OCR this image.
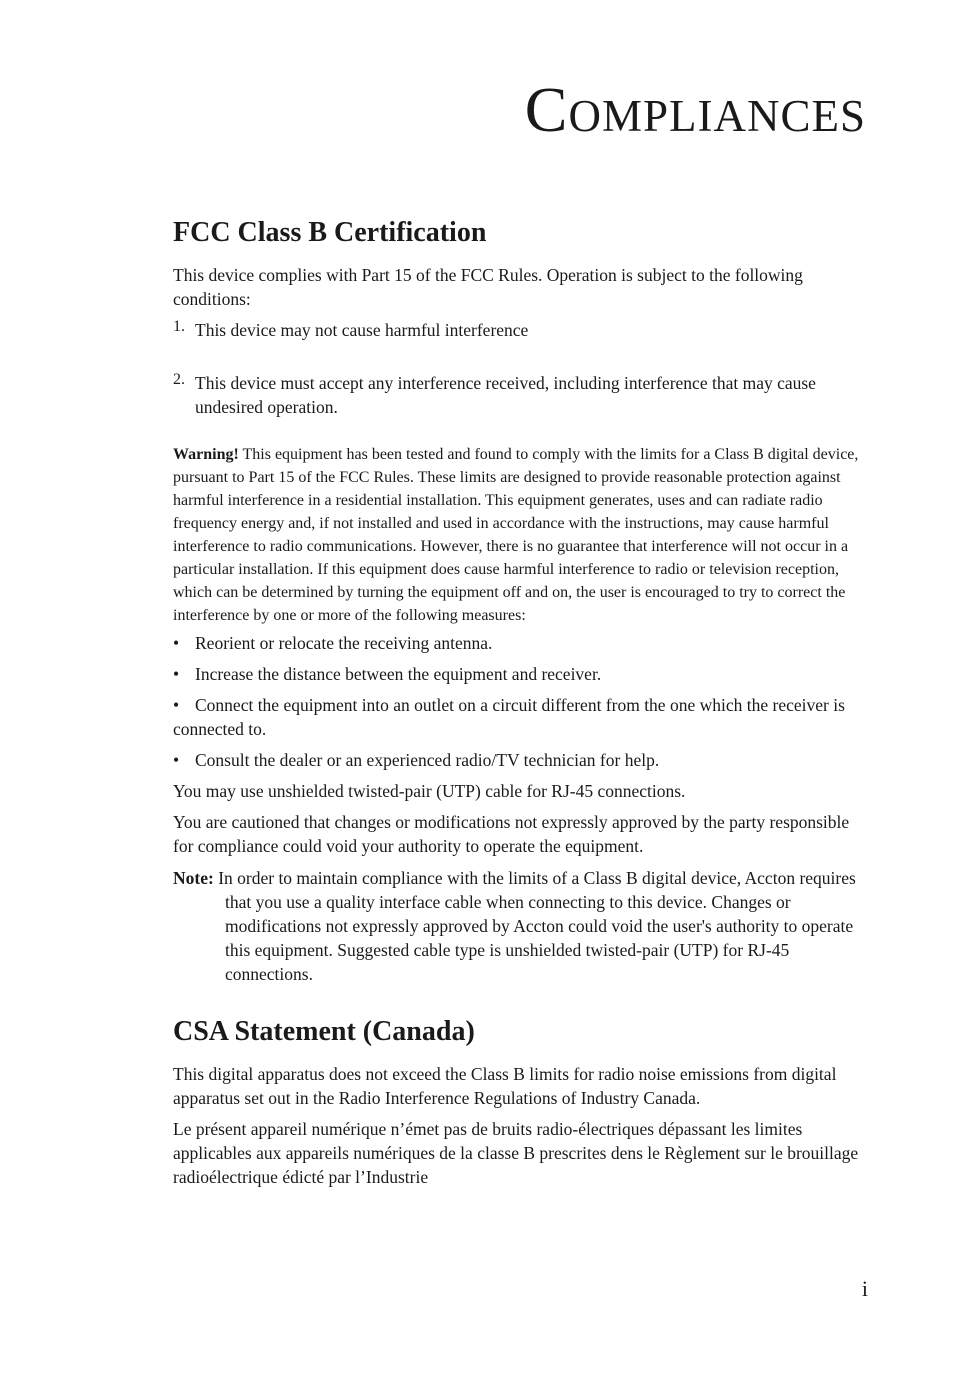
Compliances
FCC Class B Certification

This device complies with Part 15 of the FCC Rules. Operation is subject to the following conditions:

1. This device may not cause harmful interference
2. This device must accept any interference received, including interference that may cause undesired operation.

Warning! This equipment has been tested and found to comply with the limits for a Class B digital device, pursuant to Part 15 of the FCC Rules. These limits are designed to provide reasonable protection against harmful interference in a residential installation. This equipment generates, uses and can radiate radio frequency energy and, if not installed and used in accordance with the instructions, may cause harmful interference to radio communications. However, there is no guarantee that interference will not occur in a particular installation. If this equipment does cause harmful interference to radio or television reception, which can be determined by turning the equipment off and on, the user is encouraged to try to correct the interference by one or more of the following measures:

• Reorient or relocate the receiving antenna.
• Increase the distance between the equipment and receiver.
• Connect the equipment into an outlet on a circuit different from the one which the receiver is connected to.
• Consult the dealer or an experienced radio/TV technician for help.

You may use unshielded twisted-pair (UTP) cable for RJ-45 connections.

You are cautioned that changes or modifications not expressly approved by the party responsible for compliance could void your authority to operate the equipment.

Note: In order to maintain compliance with the limits of a Class B digital device, Accton requires that you use a quality interface cable when connecting to this device. Changes or modifications not expressly approved by Accton could void the user's authority to operate this equipment. Suggested cable type is unshielded twisted-pair (UTP) for RJ-45 connections.

CSA Statement (Canada)

This digital apparatus does not exceed the Class B limits for radio noise emissions from digital apparatus set out in the Radio Interference Regulations of Industry Canada.

Le présent appareil numérique n’émet pas de bruits radio-électriques dépassant les limites applicables aux appareils numériques de la classe B prescrites dens le Règlement sur le brouillage radioélectrique édicté par l’Industrie

i
